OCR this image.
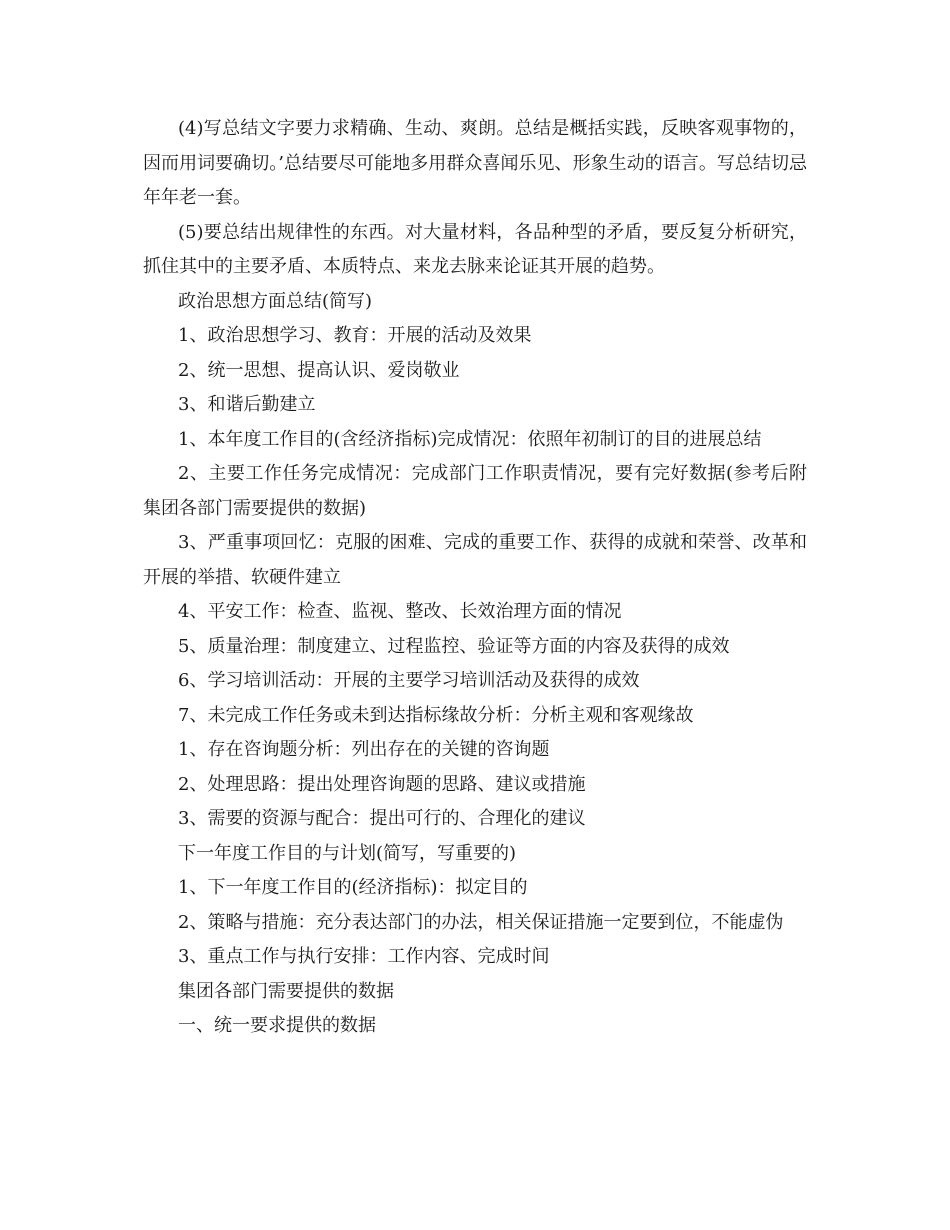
(4)写总结文字要力求精确、生动、爽朗。总结是概括实践，反映客观事物的，因而用词要确切。’总结要尽可能地多用群众喜闻乐见、形象生动的语言。写总结切忌年年老一套。

(5)要总结出规律性的东西。对大量材料，各品种型的矛盾，要反复分析研究，抓住其中的主要矛盾、本质特点、来龙去脉来论证其开展的趋势。

政治思想方面总结(简写)

1、政治思想学习、教育：开展的活动及效果

2、统一思想、提高认识、爱岗敬业

3、和谐后勤建立

1、本年度工作目的(含经济指标)完成情况：依照年初制订的目的进展总结

2、主要工作任务完成情况：完成部门工作职责情况，要有完好数据(参考后附集团各部门需要提供的数据)

3、严重事项回忆：克服的困难、完成的重要工作、获得的成就和荣誉、改革和开展的举措、软硬件建立

4、平安工作：检查、监视、整改、长效治理方面的情况

5、质量治理：制度建立、过程监控、验证等方面的内容及获得的成效

6、学习培训活动：开展的主要学习培训活动及获得的成效

7、未完成工作任务或未到达指标缘故分析：分析主观和客观缘故

1、存在咨询题分析：列出存在的关键的咨询题

2、处理思路：提出处理咨询题的思路、建议或措施

3、需要的资源与配合：提出可行的、合理化的建议

下一年度工作目的与计划(简写，写重要的)

1、下一年度工作目的(经济指标)：拟定目的

2、策略与措施：充分表达部门的办法，相关保证措施一定要到位，不能虚伪

3、重点工作与执行安排：工作内容、完成时间

集团各部门需要提供的数据

一、统一要求提供的数据
